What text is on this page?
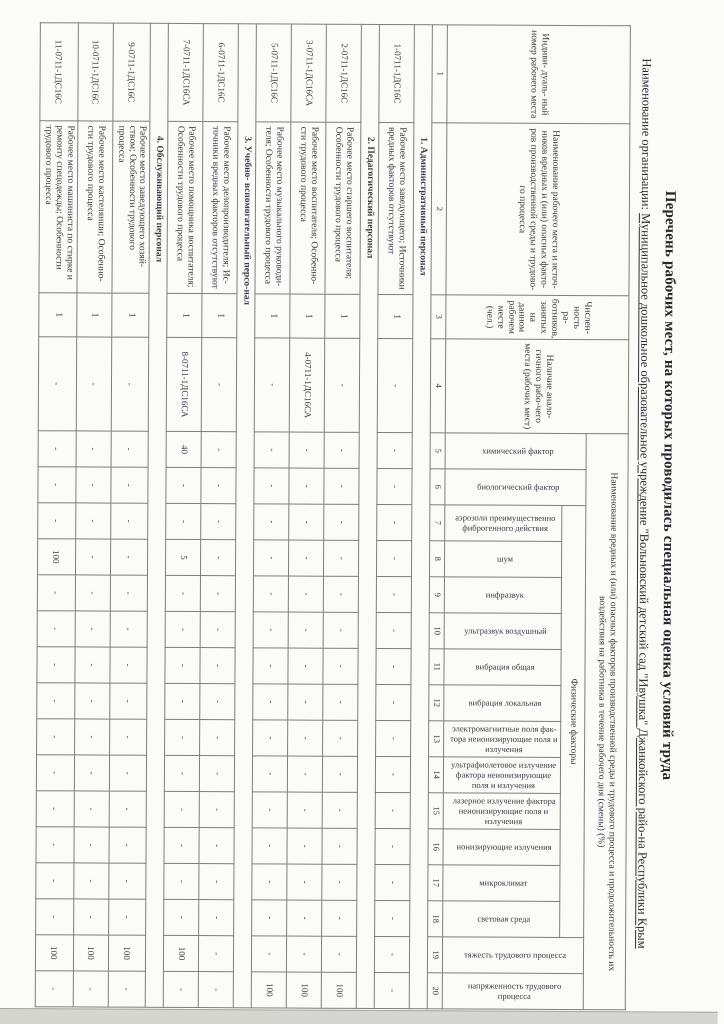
Перечень рабочих мест, на которых проводилась специальная оценка условий труда
Наименование организации: Муниципальное дошкольное образовательное учреждение "Вольновский детский сад "Ивушка" Джанкойского райо-на Республики Крым
Индиви- дуаль- ный номер рабочего места	Наименование рабочего места и источ-ников вредных и (или) опасных факто-ров производственной среды и трудово-го процесса	Числен- ность ра- ботников, занятых на данном рабочем месте (чел.)	Наличие анало-гичного рабо-чего места (рабочих мест)	Наименование вредных и (или) опасных факторов производственной среды и трудового процесса и продолжительность их воздействия на работника в течение рабочего дня (смены) (%)															
				химический фактор	биологический фактор	Физические факторы												тяжесть трудового процесса	напряженность трудового процесса
						аэрозоли преимущественно фиброгенного действия	шум	инфразвук	ультразвук воздушный	вибрация общая	вибрация локальная	электромагнитные поля фак-тора неионизирующие поля и излучения	ультрафиолетовое излучение фактора неионизирующие поля и излучения	лазерное излучение фактора неионизирующие поля и излучения	ионизирующие излучения	микроклимат	световая среда		
1	2	3	4	5	6	7	8	9	10	11	12	13	14	15	16	17	18	19	20
1. Административный персонал																			
1-0711-1ДС16С	Рабочее место заведующего; Источники вредных факторов отсутствуют	1	-	-	-	-	-	-	-	-	-	-	-	-	-	-	-	-	-
2. Педагогический персонал																			
2-0711-1ДС16С	Рабочее место старшего воспитателя; Особенности трудового процесса	1	-	-	-	-	-	-	-	-	-	-	-	-	-	-	-	-	100
3-0711-1ДС16СА	Рабочее место воспитателя; Особенно-сти трудового процесса	1	4-0711-1ДС16СА	-	-	-	-	-	-	-	-	-	-	-	-	-	-	-	100
5-0711-1ДС16С	Рабочее место музыкального руководи-теля; Особенности трудового процесса	1	-	-	-	-	-	-	-	-	-	-	-	-	-	-	-	-	100
3. Учебно- вспомогательный персо-нал																			
6-0711-1ДС16С	Рабочее место делопроизводителя; Ис-точники вредных факторов отсутствуют	1	-	-	-	-	-	-	-	-	-	-	-	-	-	-	-	-	-
7-0711-1ДС16СА	Рабочее место помощника воспитателя; Особенности трудового процесса	1	8-0711-1ДС16СА	40	-	-	5	-	-	-	-	-	-	-	-	-	-	100	-
4. Обслуживающий персонал																			
9-0711-1ДС16С	Рабочее место заведующего хозяй-ством; Особенности трудового процесса	1	-	-	-	-	-	-	-	-	-	-	-	-	-	-	-	100	-
10-0711-1ДС16С	Рабочее место кастелянши; Особенно-сти трудового процесса	1	-	-	-	-	-	-	-	-	-	-	-	-	-	-	-	100	-
11-0711-1ДС16С	Рабочее место машиниста по стирке и ремонту спецодежды; Особенности трудового процесса	1	-	-	-	-	100	-	-	-	-	-	-	-	-	-	-	100	-
